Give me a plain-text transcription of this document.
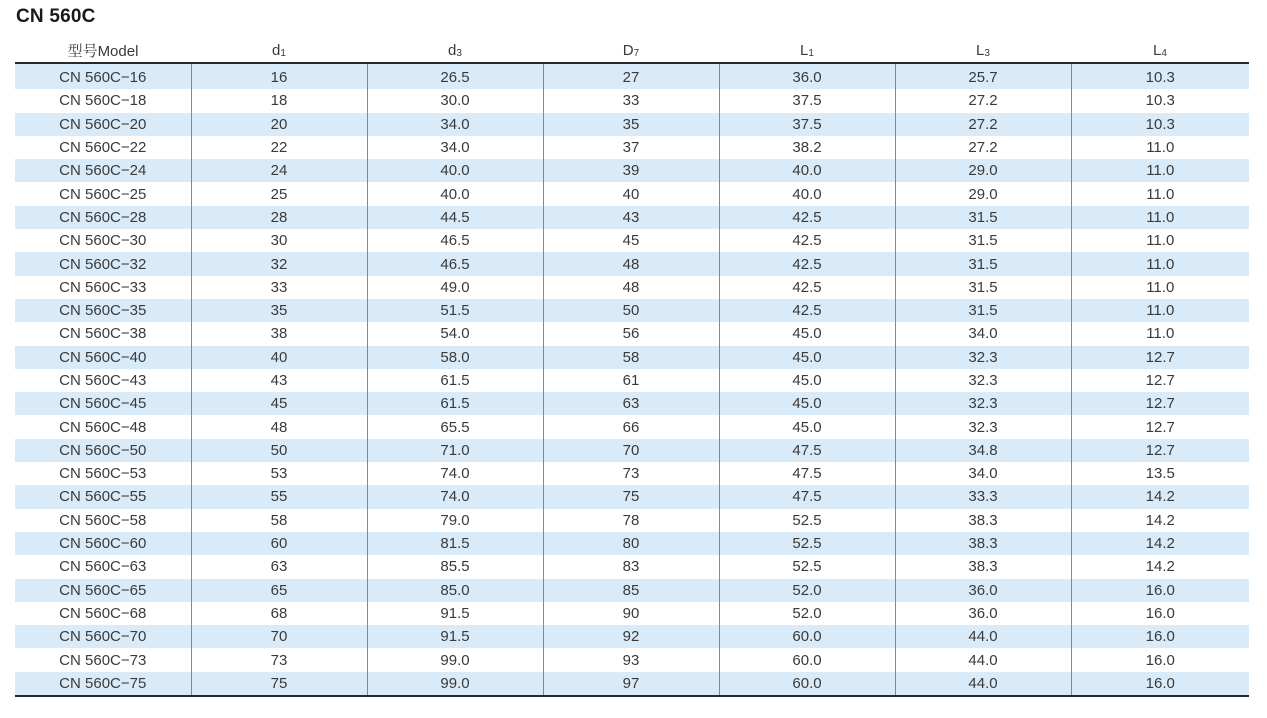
CN 560C
型号Model	$d_1$	$d_3$	$D_7$	$L_1$	$L_3$	$L_4$
CN 560C−16	16	26.5	27	36.0	25.7	10.3
CN 560C−18	18	30.0	33	37.5	27.2	10.3
CN 560C−20	20	34.0	35	37.5	27.2	10.3
CN 560C−22	22	34.0	37	38.2	27.2	11.0
CN 560C−24	24	40.0	39	40.0	29.0	11.0
CN 560C−25	25	40.0	40	40.0	29.0	11.0
CN 560C−28	28	44.5	43	42.5	31.5	11.0
CN 560C−30	30	46.5	45	42.5	31.5	11.0
CN 560C−32	32	46.5	48	42.5	31.5	11.0
CN 560C−33	33	49.0	48	42.5	31.5	11.0
CN 560C−35	35	51.5	50	42.5	31.5	11.0
CN 560C−38	38	54.0	56	45.0	34.0	11.0
CN 560C−40	40	58.0	58	45.0	32.3	12.7
CN 560C−43	43	61.5	61	45.0	32.3	12.7
CN 560C−45	45	61.5	63	45.0	32.3	12.7
CN 560C−48	48	65.5	66	45.0	32.3	12.7
CN 560C−50	50	71.0	70	47.5	34.8	12.7
CN 560C−53	53	74.0	73	47.5	34.0	13.5
CN 560C−55	55	74.0	75	47.5	33.3	14.2
CN 560C−58	58	79.0	78	52.5	38.3	14.2
CN 560C−60	60	81.5	80	52.5	38.3	14.2
CN 560C−63	63	85.5	83	52.5	38.3	14.2
CN 560C−65	65	85.0	85	52.0	36.0	16.0
CN 560C−68	68	91.5	90	52.0	36.0	16.0
CN 560C−70	70	91.5	92	60.0	44.0	16.0
CN 560C−73	73	99.0	93	60.0	44.0	16.0
CN 560C−75	75	99.0	97	60.0	44.0	16.0
